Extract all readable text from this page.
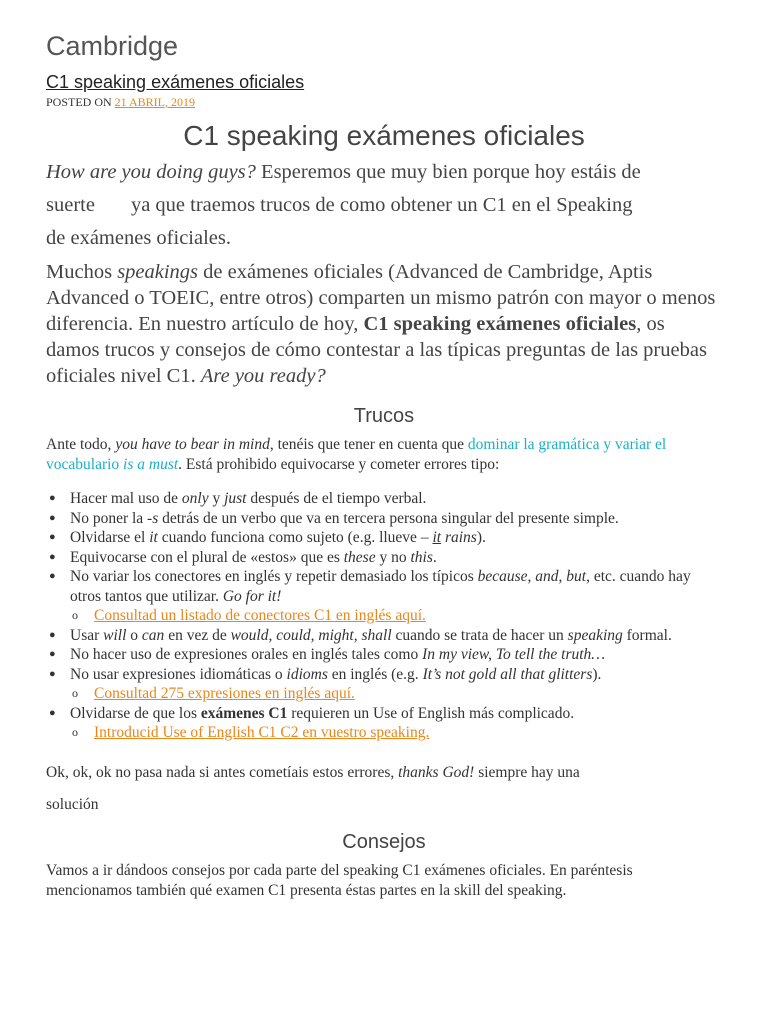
Cambridge
C1 speaking exámenes oficiales
POSTED ON 21 ABRIL, 2019
C1 speaking exámenes oficiales

How are you doing guys? Esperemos que muy bien porque hoy estáis de
suerte ya que traemos trucos de como obtener un C1 en el Speaking
de exámenes oficiales.

Muchos speakings de exámenes oficiales (Advanced de Cambridge, Aptis Advanced o TOEIC, entre otros) comparten un mismo patrón con mayor o menos diferencia. En nuestro artículo de hoy, C1 speaking exámenes oficiales, os damos trucos y consejos de cómo contestar a las típicas preguntas de las pruebas oficiales nivel C1. Are you ready?

Trucos

Ante todo, you have to bear in mind, tenéis que tener en cuenta que dominar la gramática y variar el vocabulario is a must. Está prohibido equivocarse y cometer errores tipo:

● Hacer mal uso de only y just después de el tiempo verbal.
● No poner la -s detrás de un verbo que va en tercera persona singular del presente simple.
● Olvidarse el it cuando funciona como sujeto (e.g. llueve – it rains).
● Equivocarse con el plural de «estos» que es these y no this.
● No variar los conectores en inglés y repetir demasiado los típicos because, and, but, etc. cuando hay otros tantos que utilizar. Go for it!
o Consultad un listado de conectores C1 en inglés aquí.
● Usar will o can en vez de would, could, might, shall cuando se trata de hacer un speaking formal.
● No hacer uso de expresiones orales en inglés tales como In my view, To tell the truth…
● No usar expresiones idiomáticas o idioms en inglés (e.g. It’s not gold all that glitters).
o Consultad 275 expresiones en inglés aquí.
● Olvidarse de que los exámenes C1 requieren un Use of English más complicado.
o Introducid Use of English C1 C2 en vuestro speaking.
Ok, ok, ok no pasa nada si antes cometíais estos errores, thanks God! siempre hay una
solución
Consejos

Vamos a ir dándoos consejos por cada parte del speaking C1 exámenes oficiales. En paréntesis mencionamos también qué examen C1 presenta éstas partes en la skill del speaking.
